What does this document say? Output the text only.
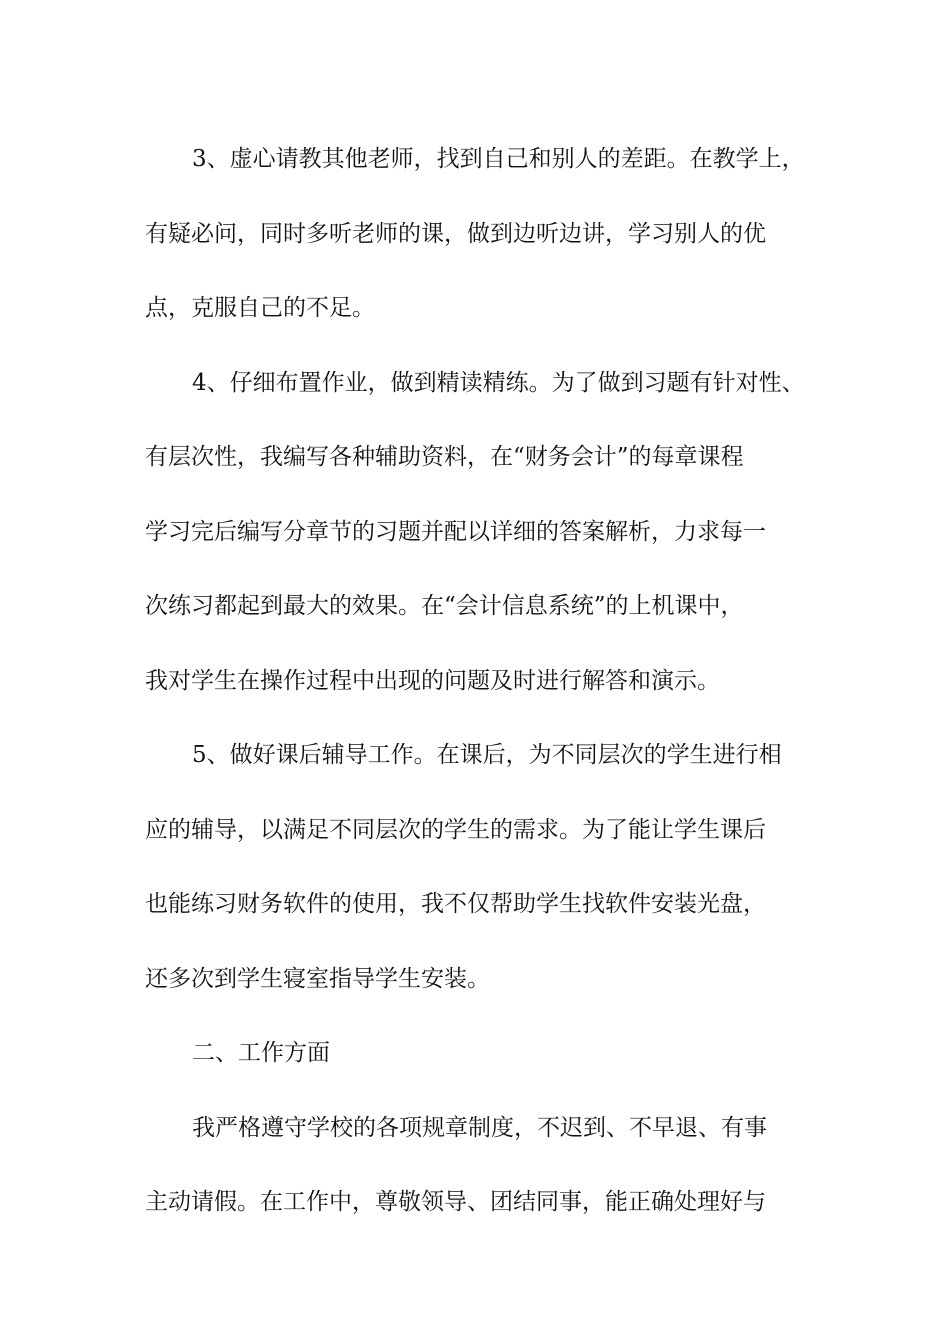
3、虚心请教其他老师，找到自己和别人的差距。在教学上，
有疑必问，同时多听老师的课，做到边听边讲，学习别人的优
点，克服自己的不足。
4、仔细布置作业，做到精读精练。为了做到习题有针对性、
有层次性，我编写各种辅助资料，在“财务会计”的每章课程
学习完后编写分章节的习题并配以详细的答案解析，力求每一
次练习都起到最大的效果。在“会计信息系统”的上机课中，
我对学生在操作过程中出现的问题及时进行解答和演示。
5、做好课后辅导工作。在课后，为不同层次的学生进行相
应的辅导，以满足不同层次的学生的需求。为了能让学生课后
也能练习财务软件的使用，我不仅帮助学生找软件安装光盘，
还多次到学生寝室指导学生安装。
二、工作方面
我严格遵守学校的各项规章制度，不迟到、不早退、有事
主动请假。在工作中，尊敬领导、团结同事，能正确处理好与
